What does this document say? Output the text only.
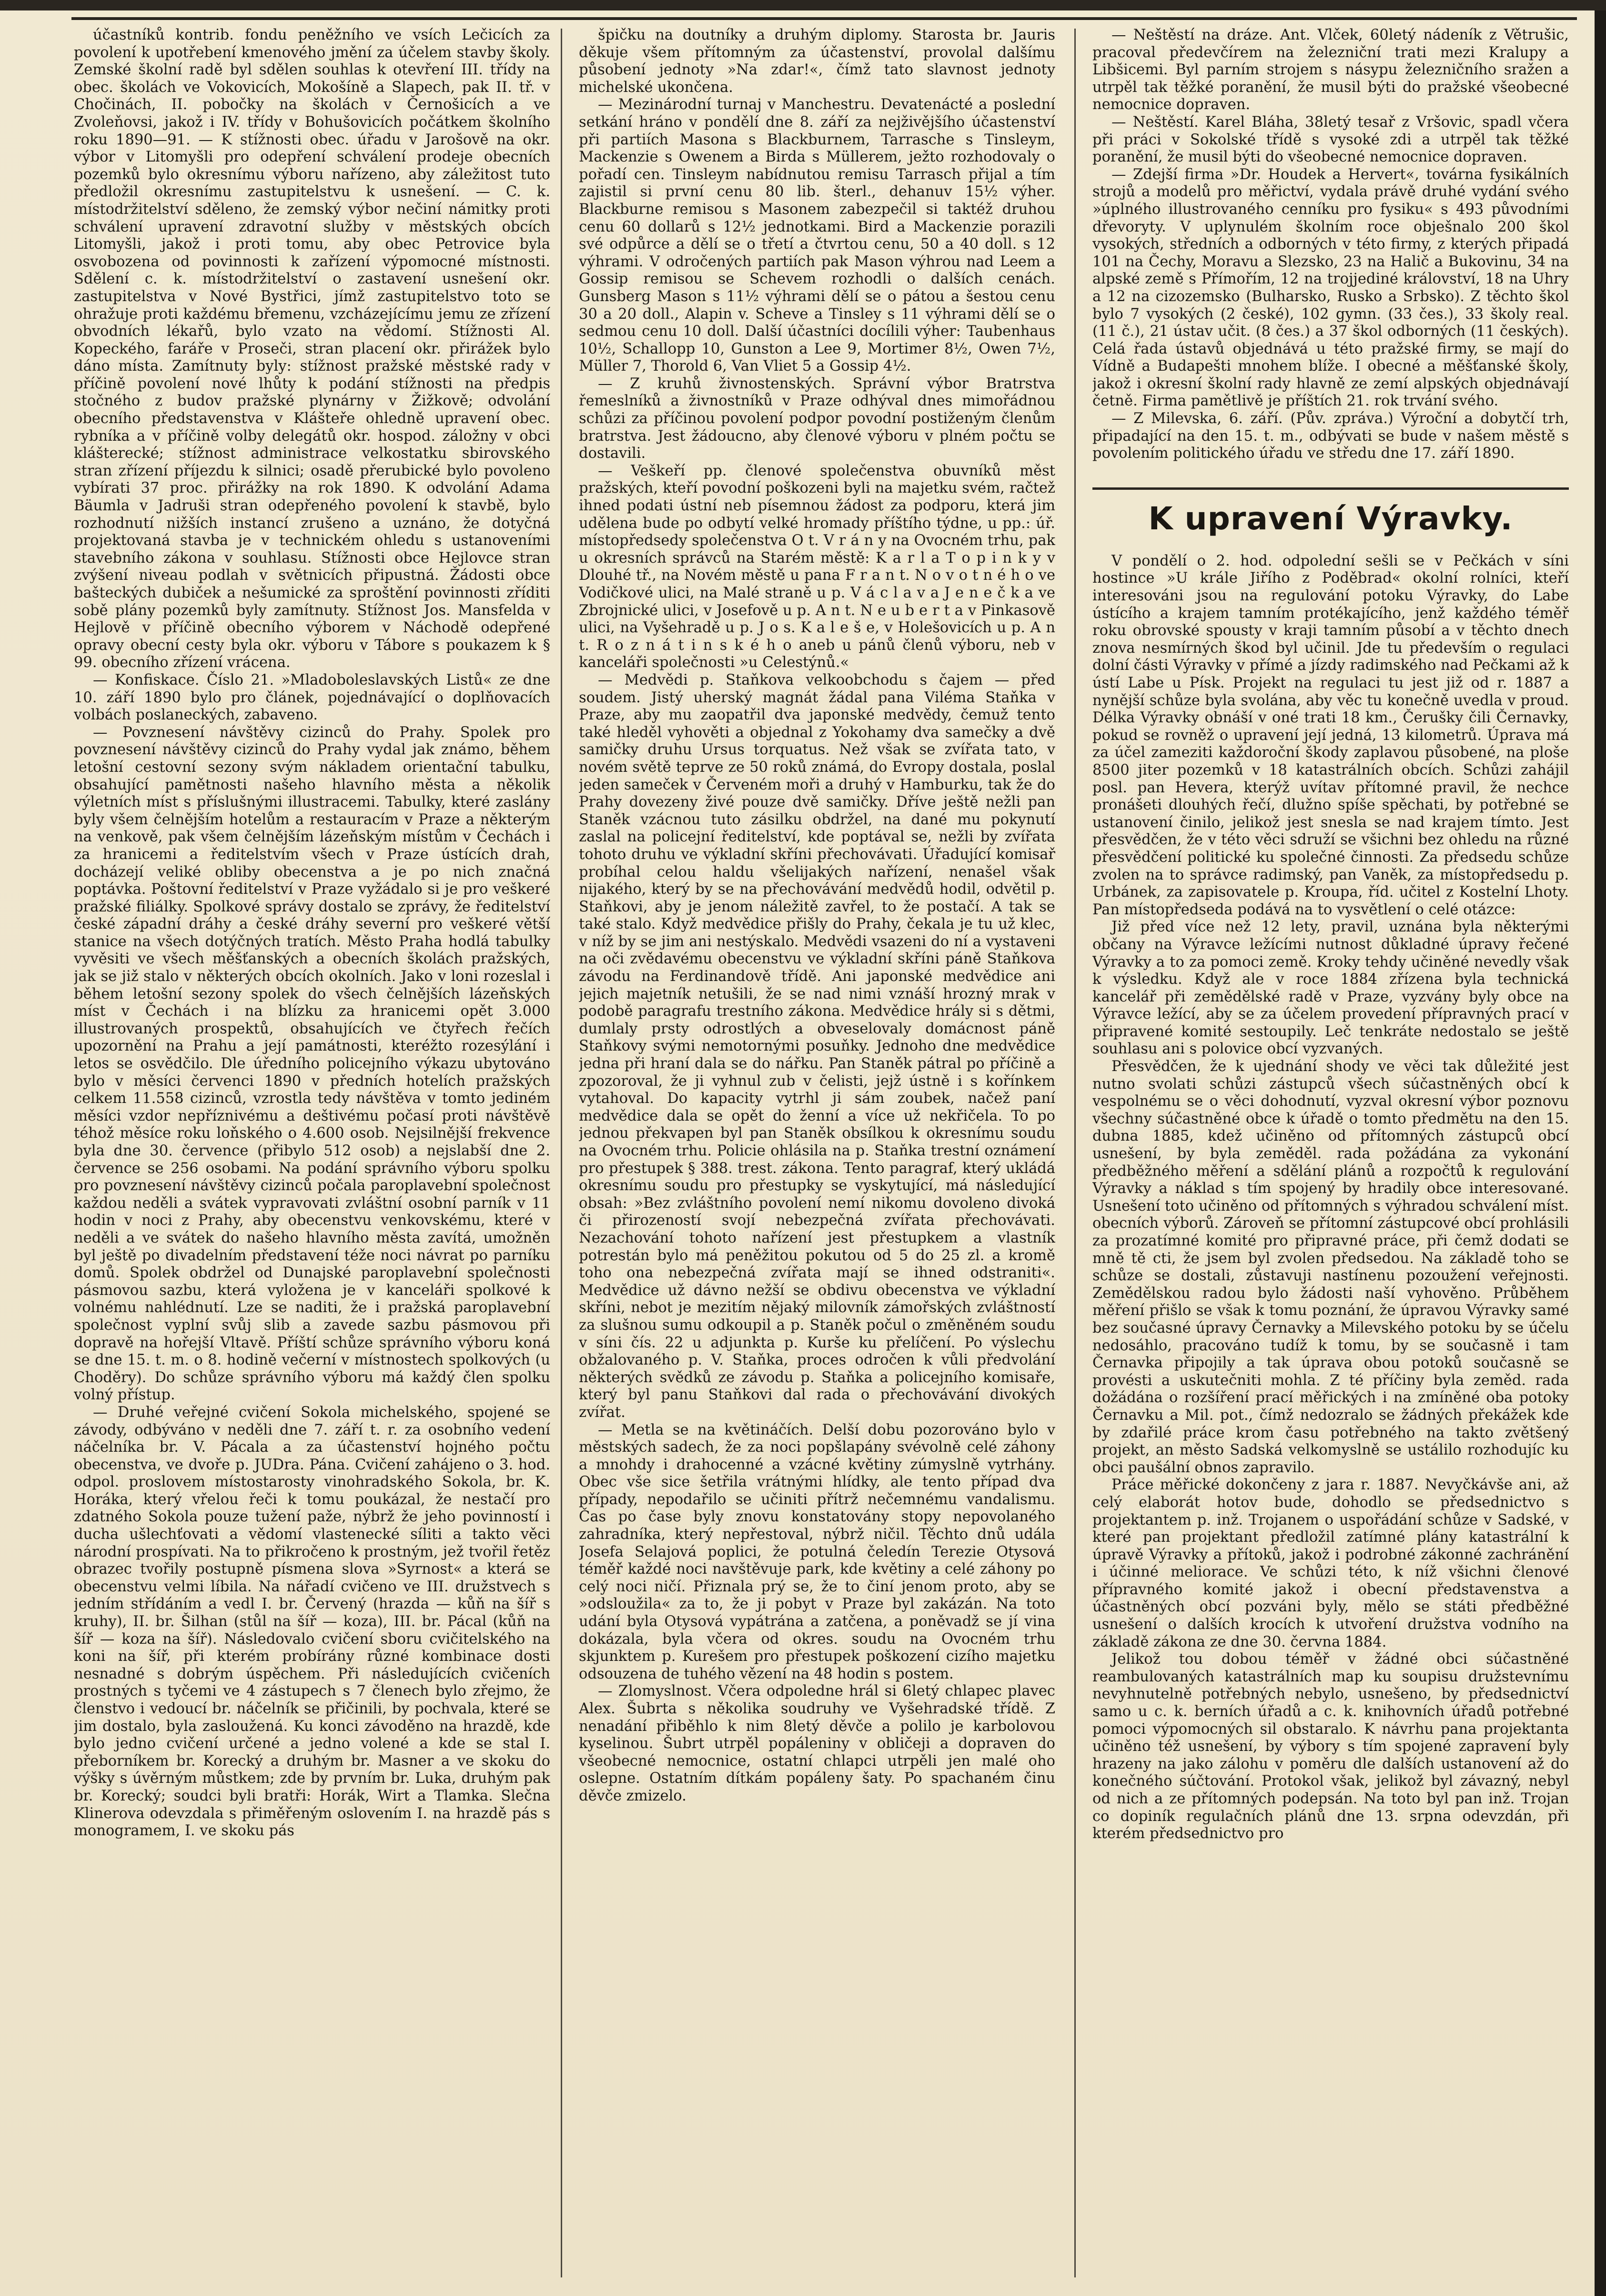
účastníků kontrib. fondu peněžního ve vsích Lečicích za povolení k upotřebení kmenového jmění za účelem stavby školy. Zemské školní radě byl sdělen souhlas k otevření III. třídy na obec. školách ve Vokovicích, Mokošíně a Slapech, pak II. tř. v Chočinách, II. pobočky na školách v Černošicích a ve Zvoleňovsi, jakož i IV. třídy v Bohušovicích počátkem školního roku 1890—91. — K stížnosti obec. úřadu v Jarošově na okr. výbor v Litomyšli pro odepření schválení prodeje obecních pozemků bylo okresnímu výboru nařízeno, aby záležitost tuto předložil okresnímu zastupitelstvu k usnešení. — C. k. místodržitelství sděleno, že zemský výbor nečiní námitky proti schválení upravení zdravotní služby v městských obcích Litomyšli, jakož i proti tomu, aby obec Petrovice byla osvobozena od povinnosti k zařízení výpomocné místnosti. Sdělení c. k. místodržitelství o zastavení usnešení okr. zastupitelstva v Nové Bystřici, jímž zastupitelstvo toto se ohražuje proti každému břemenu, vzcházejícímu jemu ze zřízení obvodních lékařů, bylo vzato na vědomí. Stížnosti Al. Kopeckého, faráře v Proseči, stran placení okr. přirážek bylo dáno místa. Zamítnuty byly: stížnost pražské městské rady v příčině povolení nové lhůty k podání stížnosti na předpis stočného z budov pražské plynárny v Žižkově; odvolání obecního představenstva v Klášteře ohledně upravení obec. rybníka a v příčině volby delegátů okr. hospod. záložny v obci klášterecké; stížnost administrace velkostatku sbirovského stran zřízení příjezdu k silnici; osadě přerubické bylo povoleno vybírati 37 proc. přirážky na rok 1890. K odvolání Adama Bäumla v Jadruši stran odepřeného povolení k stavbě, bylo rozhodnutí nižších instancí zrušeno a uznáno, že dotyčná projektovaná stavba je v technickém ohledu s ustanoveními stavebního zákona v souhlasu. Stížnosti obce Hejlovce stran zvýšení niveau podlah v světnicích připustná. Žádosti obce bašteckých dubiček a nešumické za sproštění povinnosti zříditi sobě plány pozemků byly zamítnuty. Stížnost Jos. Mansfelda v Hejlově v příčině obecního výborem v Náchodě odepřené opravy obecní cesty byla okr. výboru v Tábore s poukazem k § 99. obecního zřízení vrácena.

— Konfiskace. Číslo 21. »Mladoboleslavských Listů« ze dne 10. září 1890 bylo pro článek, pojednávající o doplňovacích volbách poslaneckých, zabaveno.

— Povznesení návštěvy cizinců do Prahy. Spolek pro povznesení návštěvy cizinců do Prahy vydal jak známo, během letošní cestovní sezony svým nákladem orientační tabulku, obsahující pamětnosti našeho hlavního města a několik výletních míst s příslušnými illustracemi. Tabulky, které zaslány byly všem čelnějším hotelům a restauracím v Praze a některým na venkově, pak všem čelnějším lázeňským místům v Čechách i za hranicemi a ředitelstvím všech v Praze ústících drah, docházejí veliké obliby obecenstva a je po nich značná poptávka. Poštovní ředitelství v Praze vyžádalo si je pro veškeré pražské filiálky. Spolkové správy dostalo se zprávy, že ředitelství české západní dráhy a české dráhy severní pro veškeré větší stanice na všech dotýčných tratích. Město Praha hodlá tabulky vyvěsiti ve všech měšťanských a obecních školách pražských, jak se již stalo v některých obcích okolních. Jako v loni rozeslal i během letošní sezony spolek do všech čelnějších lázeňských míst v Čechách i na blízku za hranicemi opět 3.000 illustrovaných prospektů, obsahujících ve čtyřech řečích upozornění na Prahu a její památnosti, kteréžto rozesýlání i letos se osvědčilo. Dle úředního policejního výkazu ubytováno bylo v měsíci červenci 1890 v předních hotelích pražských celkem 11.558 cizinců, vzrostla tedy návštěva v tomto jediném měsíci vzdor nepříznivému a deštivému počasí proti návštěvě téhož měsíce roku loňského o 4.600 osob. Nejsilnější frekvence byla dne 30. července (přibylo 512 osob) a nejslabší dne 2. července se 256 osobami. Na podání správního výboru spolku pro povznesení návštěvy cizinců počala paroplavební společnost každou neděli a svátek vypravovati zvláštní osobní parník v 11 hodin v noci z Prahy, aby obecenstvu venkovskému, které v neděli a ve svátek do našeho hlavního města zavítá, umožněn byl ještě po divadelním představení téže noci návrat po parníku domů. Spolek obdržel od Dunajské paroplavební společnosti pásmovou sazbu, která vyložena je v kanceláři spolkové k volnému nahlédnutí. Lze se naditi, že i pražská paroplavební společnost vyplní svůj slib a zavede sazbu pásmovou při dopravě na hořejší Vltavě. Příští schůze správního výboru koná se dne 15. t. m. o 8. hodině večerní v místnostech spolkových (u Choděry). Do schůze správního výboru má každý člen spolku volný přístup.

— Druhé veřejné cvičení Sokola michelského, spojené se závody, odbýváno v neděli dne 7. září t. r. za osobního vedení náčelníka br. V. Pácala a za účastenství hojného počtu obecenstva, ve dvoře p. JUDra. Pána. Cvičení zahájeno o 3. hod. odpol. proslovem místostarosty vinohradského Sokola, br. K. Horáka, který vřelou řeči k tomu poukázal, že nestačí pro zdatného Sokola pouze tužení paže, nýbrž že jeho povinností i ducha ušlechťovati a vědomí vlastenecké síliti a takto věci národní prospívati. Na to přikročeno k prostným, jež tvořil řetěz obrazec tvořily postupně písmena slova »Syrnost« a která se obecenstvu velmi líbila. Na nářadí cvičeno ve III. družstvech s jedním střídáním a vedl I. br. Červený (hrazda — kůň na šíř s kruhy), II. br. Šilhan (stůl na šíř — koza), III. br. Pácal (kůň na šíř — koza na šíř). Následovalo cvičení sboru cvičitelského na koni na šíř, při kterém probírány různé kombinace dosti nesnadné s dobrým úspěchem. Při následujících cvičeních prostných s tyčemi ve 4 zástupech s 7 členech bylo zřejmo, že členstvo i vedoucí br. náčelník se přičinili, by pochvala, které se jim dostalo, byla zasloužená. Ku konci závoděno na hrazdě, kde bylo jedno cvičení určené a jedno volené a kde se stal I. přeborníkem br. Korecký a druhým br. Masner a ve skoku do výšky s úvěrným můstkem; zde by prvním br. Luka, druhým pak br. Korecký; soudci byli bratři: Horák, Wirt a Tlamka. Slečna Klinerova odevzdala s přiměřeným oslovením I. na hrazdě pás s monogramem, I. ve skoku pás

špičku na doutníky a druhým diplomy. Starosta br. Jauris děkuje všem přítomným za účastenství, provolal dalšímu působení jednoty »Na zdar!«, čímž tato slavnost jednoty michelské ukončena.

— Mezinárodní turnaj v Manchestru. Devatenácté a poslední setkání hráno v pondělí dne 8. září za nejživějšího účastenství při partiích Masona s Blackburnem, Tarrasche s Tinsleym, Mackenzie s Owenem a Birda s Müllerem, ježto rozhodovaly o pořadí cen. Tinsleym nabídnutou remisu Tarrasch přijal a tím zajistil si první cenu 80 lib. šterl., dehanuv 15½ výher. Blackburne remisou s Masonem zabezpečil si taktéž druhou cenu 60 dollarů s 12½ jednotkami. Bird a Mackenzie porazili své odpůrce a dělí se o třetí a čtvrtou cenu, 50 a 40 doll. s 12 výhrami. V odročených partiích pak Mason výhrou nad Leem a Gossip remisou se Schevem rozhodli o dalších cenách. Gunsberg Mason s 11½ výhrami dělí se o pátou a šestou cenu 30 a 20 doll., Alapin v. Scheve a Tinsley s 11 výhrami dělí se o sedmou cenu 10 doll. Další účastníci docílili výher: Taubenhaus 10½, Schallopp 10, Gunston a Lee 9, Mortimer 8½, Owen 7½, Müller 7, Thorold 6, Van Vliet 5 a Gossip 4½.

— Z kruhů živnostenských. Správní výbor Bratrstva řemeslníků a živnostníků v Praze odhýval dnes mimořádnou schůzi za příčinou povolení podpor povodní postiženým členům bratrstva. Jest žádoucno, aby členové výboru v plném počtu se dostavili.

— Veškeří pp. členové společenstva obuvníků měst pražských, kteří povodní poškozeni byli na majetku svém, račtež ihned podati ústní neb písemnou žádost za podporu, která jim udělena bude po odbytí velké hromady příštího týdne, u pp.: úř. místopředsedy společenstva O t. V r á n y na Ovocném trhu, pak u okresních správců na Starém městě: K a r l a T o p i n k y v Dlouhé tř., na Novém městě u pana F r a n t. N o v o t n é h o ve Vodičkové ulici, na Malé straně u p. V á c l a v a J e n e č k a ve Zbrojnické ulici, v Josefově u p. A n t. N e u b e r t a v Pinkasově ulici, na Vyšehradě u p. J o s. K a l e š e, v Holešovicích u p. A n t. R o z n á t i n s k é h o aneb u pánů členů výboru, neb v kanceláři společnosti »u Celestýnů.«

— Medvědi p. Staňkova velkoobchodu s čajem — před soudem. Jistý uherský magnát žádal pana Viléma Staňka v Praze, aby mu zaopatřil dva japonské medvědy, čemuž tento také hleděl vyhověti a objednal z Yokohamy dva samečky a dvě samičky druhu Ursus torquatus. Než však se zvířata tato, v novém světě teprve ze 50 roků známá, do Evropy dostala, poslal jeden sameček v Červeném moři a druhý v Hamburku, tak že do Prahy dovezeny živé pouze dvě samičky. Dříve ještě nežli pan Staněk vzácnou tuto zásilku obdržel, na dané mu pokynutí zaslal na policejní ředitelství, kde poptával se, nežli by zvířata tohoto druhu ve výkladní skříni přechovávati. Úřadující komisař probíhal celou haldu všelijakých nařízení, nenašel však nijakého, který by se na přechovávání medvědů hodil, odvětil p. Staňkovi, aby je jenom náležitě zavřel, to že postačí. A tak se také stalo. Když medvědice přišly do Prahy, čekala je tu už klec, v níž by se jim ani nestýskalo. Medvědi vsazeni do ní a vystaveni na oči zvědavému obecenstvu ve výkladní skříni páně Staňkova závodu na Ferdinandově třídě. Ani japonské medvědice ani jejich majetník netušili, že se nad nimi vznáší hrozný mrak v podobě paragrafu trestního zákona. Medvědice hrály si s dětmi, dumlaly prsty odrostlých a obveselovaly domácnost páně Staňkovy svými nemotornými posuňky. Jednoho dne medvědice jedna při hraní dala se do nářku. Pan Staněk pátral po příčině a zpozoroval, že ji vyhnul zub v čelisti, jejž ústně i s kořínkem vytahoval. Do kapacity vytrhl ji sám zoubek, načež paní medvědice dala se opět do ženní a více už nekřičela. To po jednou překvapen byl pan Staněk obsílkou k okresnímu soudu na Ovocném trhu. Policie ohlásila na p. Staňka trestní oznámení pro přestupek § 388. trest. zákona. Tento paragraf, který ukládá okresnímu soudu pro přestupky se vyskytující, má následující obsah: »Bez zvláštního povolení nemí nikomu dovoleno divoká či přirozeností svojí nebezpečná zvířata přechovávati. Nezachování tohoto nařízení jest přestupkem a vlastník potrestán bylo má peněžitou pokutou od 5 do 25 zl. a kromě toho ona nebezpečná zvířata mají se ihned odstraniti«. Medvědice už dávno nežší se obdivu obecenstva ve výkladní skříni, nebot je mezitím nějaký milovník zámořských zvláštností za slušnou sumu odkoupil a p. Staněk počul o změněném soudu v síni čís. 22 u adjunkta p. Kurše ku přelíčení. Po výslechu obžalovaného p. V. Staňka, proces odročen k vůli předvolání některých svědků ze závodu p. Staňka a policejního komisaře, který byl panu Staňkovi dal rada o přechovávání divokých zvířat.

— Metla se na květináčích. Delší dobu pozorováno bylo v městských sadech, že za noci popšlapány svévolně celé záhony a mnohdy i drahocenné a vzácné květiny zúmyslně vytrhány. Obec vše sice šetřila vrátnými hlídky, ale tento případ dva případy, nepodařilo se učiniti přítrž nečemnému vandalismu. Čas po čase byly znovu konstatovány stopy nepovolaného zahradníka, který nepřestoval, nýbrž ničil. Těchto dnů udála Josefa Selajová poplici, že potulná čeledín Terezie Otysová téměř každé noci navštěvuje park, kde květiny a celé záhony po celý noci ničí. Přiznala prý se, že to činí jenom proto, aby se »odsloužila« za to, že ji pobyt v Praze byl zakázán. Na toto udání byla Otysová vypátrána a zatčena, a poněvadž se jí vina dokázala, byla včera od okres. soudu na Ovocném trhu skjunktem p. Kurešem pro přestupek poškození cizího majetku odsouzena de tuhého vězení na 48 hodin s postem.

— Zlomyslnost. Včera odpoledne hrál si 6letý chlapec plavec Alex. Šubrta s několika soudruhy ve Vyšehradské třídě. Z nenadání přiběhlo k nim 8letý děvče a polilo je karbolovou kyselinou. Šubrt utrpěl popáleniny v obličeji a dopraven do všeobecné nemocnice, ostatní chlapci utrpěli jen malé oho oslepne. Ostatním dítkám popáleny šaty. Po spachaném činu děvče zmizelo.

— Neštěstí na dráze. Ant. Vlček, 60letý nádeník z Větrušic, pracoval předevčírem na železniční trati mezi Kralupy a Libšicemi. Byl parním strojem s násypu železničního sražen a utrpěl tak těžké poranění, že musil býti do pražské všeobecné nemocnice dopraven.

— Neštěstí. Karel Bláha, 38letý tesař z Vršovic, spadl včera při práci v Sokolské třídě s vysoké zdi a utrpěl tak těžké poranění, že musil býti do všeobecné nemocnice dopraven.

— Zdejší firma »Dr. Houdek a Hervert«, továrna fysikálních strojů a modelů pro měřictví, vydala právě druhé vydání svého »úplného illustrovaného cenníku pro fysiku« s 493 původními dřevoryty. V uplynulém školním roce obješnalo 200 škol vysokých, středních a odborných v této firmy, z kterých připadá 101 na Čechy, Moravu a Slezsko, 23 na Halič a Bukovinu, 34 na alpské země s Přímořím, 12 na trojjediné království, 18 na Uhry a 12 na cizozemsko (Bulharsko, Rusko a Srbsko). Z těchto škol bylo 7 vysokých (2 české), 102 gymn. (33 čes.), 33 školy real. (11 č.), 21 ústav učit. (8 čes.) a 37 škol odborných (11 českých). Celá řada ústavů objednává u této pražské firmy, se mají do Vídně a Budapešti mnohem blíže. I obecné a měšťanské školy, jakož i okresní školní rady hlavně ze zemí alpských objednávají četně. Firma pamětlivě je příštích 21. rok trvání svého.

— Z Milevska, 6. září. (Pův. zpráva.) Výroční a dobytčí trh, připadající na den 15. t. m., odbývati se bude v našem městě s povolením politického úřadu ve středu dne 17. září 1890.

K upravení Výravky.

V pondělí o 2. hod. odpolední sešli se v Pečkách v síni hostince »U krále Jiřího z Poděbrad« okolní rolníci, kteří interesováni jsou na regulování potoku Výravky, do Labe ústícího a krajem tamním protékajícího, jenž každého téměř roku obrovské spousty v kraji tamním působí a v těchto dnech znova nesmírných škod byl učinil. Jde tu především o regulaci dolní části Výravky v přímé a jízdy radimského nad Pečkami až k ústí Labe u Písk. Projekt na regulaci tu jest již od r. 1887 a nynější schůze byla svolána, aby věc tu konečně uvedla v proud. Délka Výravky obnáší v oné trati 18 km., Čerušky čili Černavky, pokud se rovněž o upravení její jedná, 13 kilometrů. Úprava má za účel zameziti každoroční škody zaplavou působené, na ploše 8500 jiter pozemků v 18 katastrálních obcích. Schůzi zahájil posl. pan Hevera, kterýž uvítav přítomné pravil, že nechce pronášeti dlouhých řečí, dlužno spíše spěchati, by potřebné se ustanovení činilo, jelikož jest snesla se nad krajem tímto. Jest přesvědčen, že v této věci sdruží se všichni bez ohledu na různé přesvědčení politické ku společné činnosti. Za předsedu schůze zvolen na to správce radimský, pan Vaněk, za místopředsedu p. Urbánek, za zapisovatele p. Kroupa, říd. učitel z Kostelní Lhoty. Pan místopředseda podává na to vysvětlení o celé otázce:

Již před více než 12 lety, pravil, uznána byla některými občany na Výravce ležícími nutnost důkladné úpravy řečené Výravky a to za pomoci země. Kroky tehdy učiněné nevedly však k výsledku. Když ale v roce 1884 zřízena byla technická kancelář při zemědělské radě v Praze, vyzvány byly obce na Výravce ležící, aby se za účelem provedení přípravných prací v připravené komité sestoupily. Leč tenkráte nedostalo se ještě souhlasu ani s polovice obcí vyzvaných.

Přesvědčen, že k ujednání shody ve věci tak důležité jest nutno svolati schůzi zástupců všech súčastněných obcí k vespolnému se o věci dohodnutí, vyzval okresní výbor poznovu všechny súčastněné obce k úřadě o tomto předmětu na den 15. dubna 1885, kdež učiněno od přítomných zástupců obcí usnešení, by byla zeměděl. rada požádána za vykonání předběžného měření a sdělání plánů a rozpočtů k regulování Výravky a náklad s tím spojený by hradily obce interesované. Usnešení toto učiněno od přítomných s výhradou schválení míst. obecních výborů. Zároveň se přítomní zástupcové obcí prohlásili za prozatímné komité pro připravné práce, při čemž dodati se mně tě cti, že jsem byl zvolen předsedou. Na základě toho se schůze se dostali, zůstavuji nastínenu pozoužení veřejnosti. Zemědělskou radou bylo žádosti naší vyhověno. Průběhem měření přišlo se však k tomu poznání, že úpravou Výravky samé bez současné úpravy Černavky a Milevského potoku by se účelu nedosáhlo, pracováno tudíž k tomu, by se současně i tam Černavka připojily a tak úprava obou potoků současně se provésti a uskutečniti mohla. Z té příčiny byla zeměd. rada dožádána o rozšíření prací měřických i na zmíněné oba potoky Černavku a Mil. pot., čímž nedozralo se žádných překážek kde by zdařilé práce krom času potřebného na takto zvětšený projekt, an město Sadská velkomyslně se ustálilo rozhodujíc ku obci paušální obnos zapravilo.

Práce měřické dokončeny z jara r. 1887. Nevyčkávše ani, až celý elaborát hotov bude, dohodlo se předsednictvo s projektantem p. inž. Trojanem o uspořádání schůze v Sadské, v které pan projektant předložil zatímné plány katastrální k úpravě Výravky a přítoků, jakož i podrobné zákonné zachránění i účinné meliorace. Ve schůzi této, k níž všichni členové přípravného komité jakož i obecní představenstva a účastněných obcí pozváni byly, mělo se státi předběžné usnešení o dalších krocích k utvoření družstva vodního na základě zákona ze dne 30. června 1884.

Jelikož tou dobou téměř v žádné obci súčastněné reambulovaných katastrálních map ku soupisu družstevnímu nevyhnutelně potřebných nebylo, usnešeno, by předsednictví samo u c. k. berních úřadů a c. k. knihovních úřadů potřebné pomoci výpomocných sil obstaralo. K návrhu pana projektanta učiněno též usnešení, by výbory s tím spojené zapravení byly hrazeny na jako zálohu v poměru dle dalších ustanovení až do konečného súčtování. Protokol však, jelikož byl závazný, nebyl od nich a ze přítomných podepsán. Na toto byl pan inž. Trojan co dopiník regulačních plánů dne 13. srpna odevzdán, při kterém předsednictvo pro
